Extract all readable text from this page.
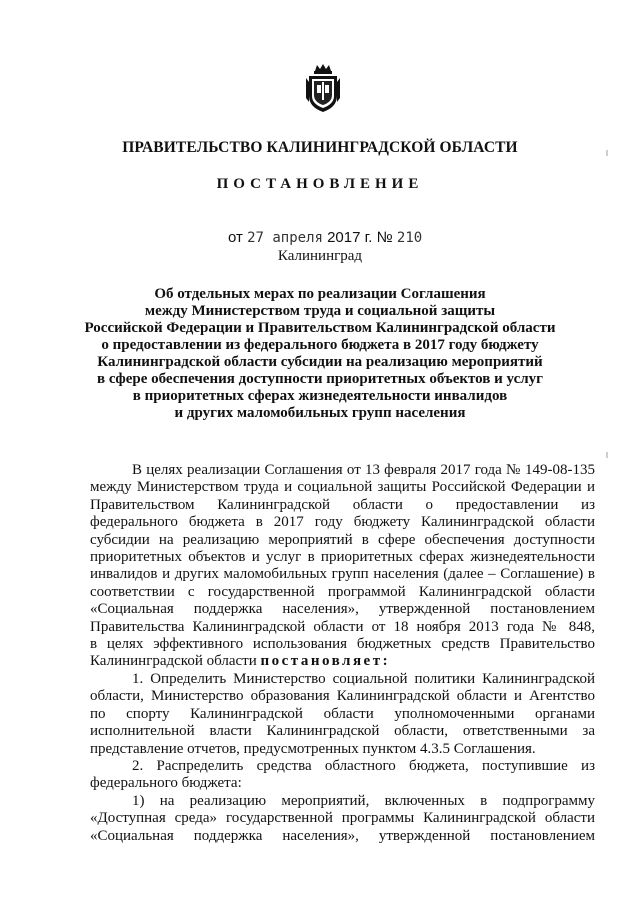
ПРАВИТЕЛЬСТВО КАЛИНИНГРАДСКОЙ ОБЛАСТИ
ПОСТАНОВЛЕНИЕ
от 27 апреля 2017 г. № 210
Калининград
Об отдельных мерах по реализации Соглашения
между Министерством труда и социальной защиты
Российской Федерации и Правительством Калининградской области
о предоставлении из федерального бюджета в 2017 году бюджету
Калининградской области субсидии на реализацию мероприятий
в сфере обеспечения доступности приоритетных объектов и услуг
в приоритетных сферах жизнедеятельности инвалидов
и других маломобильных групп населения

В целях реализации Соглашения от 13 февраля 2017 года № 149-08-135

между Министерством труда и социальной защиты Российской Федерации и

Правительством Калининградской области о предоставлении из

федерального бюджета в 2017 году бюджету Калининградской области

субсидии на реализацию мероприятий в сфере обеспечения доступности

приоритетных объектов и услуг в приоритетных сферах жизнедеятельности

инвалидов и других маломобильных групп населения (далее – Соглашение) в

соответствии с государственной программой Калининградской области

«Социальная поддержка населения», утвержденной постановлением

Правительства Калининградской области от 18 ноября 2013 года № 848,

в целях эффективного использования бюджетных средств Правительство

Калининградской области постановляет:

1. Определить Министерство социальной политики Калининградской

области, Министерство образования Калининградской области и Агентство

по спорту Калининградской области уполномоченными органами

исполнительной власти Калининградской области, ответственными за

представление отчетов, предусмотренных пунктом 4.3.5 Соглашения.

2. Распределить средства областного бюджета, поступившие из

федерального бюджета:

1) на реализацию мероприятий, включенных в подпрограмму

«Доступная среда» государственной программы Калининградской области

«Социальная поддержка населения», утвержденной постановлением
